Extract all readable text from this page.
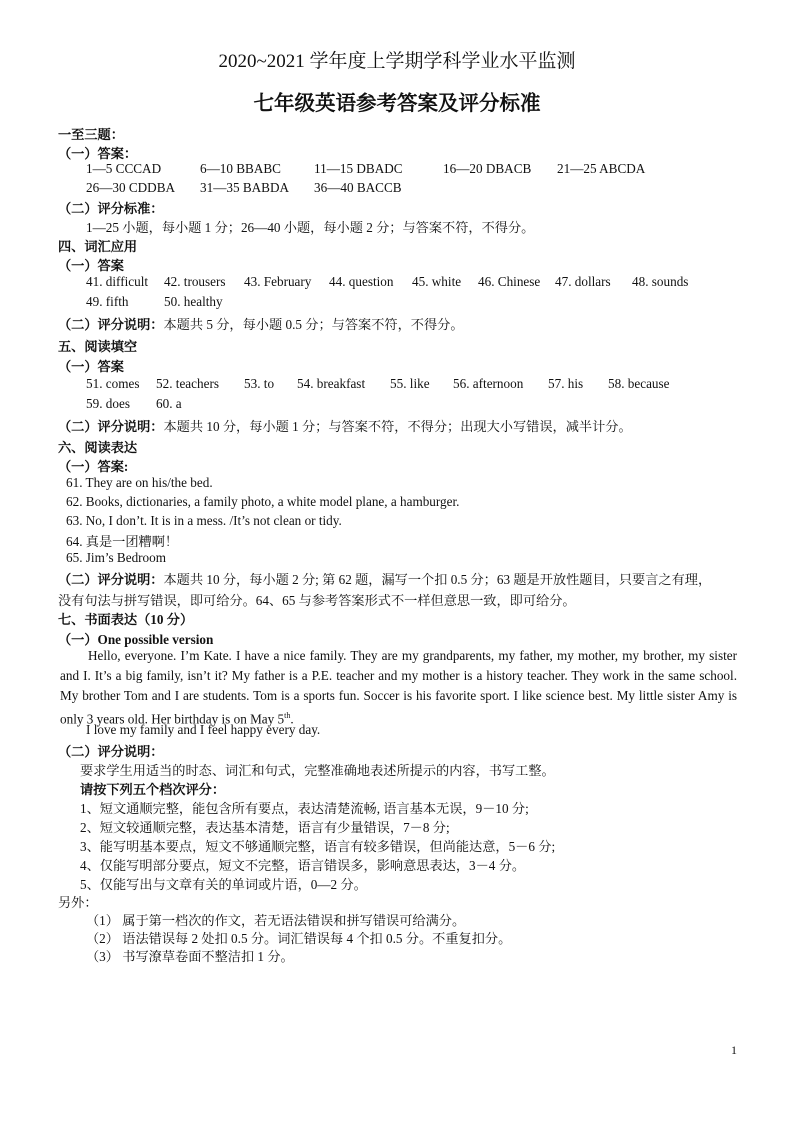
2020~2021 学年度上学期学科学业水平监测
七年级英语参考答案及评分标准
一至三题：
（一）答案：
1—5 CCCAD	6—10 BBABC	11—15 DBADC	16—20 DBACB 21—25 ABCDA
26—30 CDDBA 31—35 BABDA 36—40 BACCB
（二）评分标准：
1—25 小题，每小题 1 分；26—40 小题，每小题 2 分；与答案不符，不得分。
四、词汇应用
（一）答案
41. difficult 42. trousers 43. February 44. question 45. white 46. Chinese 47. dollars 48. sounds
49. fifth	50. healthy
（二）评分说明：本题共 5 分，每小题 0.5 分；与答案不符，不得分。
五、阅读填空
（一）答案
51. comes 52. teachers 53. to 54. breakfast 55. like 56. afternoon 57. his 58. because
59. does 60. a
（二）评分说明：本题共 10 分，每小题 1 分；与答案不符，不得分；出现大小写错误，减半计分。
六、阅读表达
（一）答案:
61. They are on his/the bed.
62. Books, dictionaries, a family photo, a white model plane, a hamburger.
63. No, I don’t. It is in a mess. /It’s not clean or tidy.
64. 真是一团糟啊！
65. Jim’s Bedroom
（二）评分说明：本题共 10 分，每小题 2 分; 第 62 题，漏写一个扣 0.5 分；63 题是开放性题目，只要言之有理，
没有句法与拼写错误，即可给分。64、65 与参考答案形式不一样但意思一致，即可给分。
七、书面表达（10 分）
（一）One possible version
Hello, everyone. I’m Kate. I have a nice family. They are my grandparents, my father, my mother, my brother, my sister and I. It’s a big family, isn’t it? My father is a P.E. teacher and my mother is a history teacher. They work in the same school. My brother Tom and I are students. Tom is a sports fun. Soccer is his favorite sport. I like science best. My little sister Amy is only 3 years old. Her birthday is on May 5th.
I love my family and I feel happy every day.
（二）评分说明：
要求学生用适当的时态、词汇和句式，完整准确地表述所提示的内容，书写工整。
请按下列五个档次评分：
1、短文通顺完整，能包含所有要点，表达清楚流畅, 语言基本无误，9－10 分;
2、短文较通顺完整，表达基本清楚，语言有少量错误，7－8 分;
3、能写明基本要点，短文不够通顺完整，语言有较多错误，但尚能达意，5－6 分;
4、仅能写明部分要点，短文不完整，语言错误多，影响意思表达，3－4 分。
5、仅能写出与文章有关的单词或片语，0—2 分。
另外：
（1） 属于第一档次的作文，若无语法错误和拼写错误可给满分。
（2） 语法错误每 2 处扣 0.5 分。词汇错误每 4 个扣 0.5 分。不重复扣分。
（3） 书写潦草卷面不整洁扣 1 分。
1
